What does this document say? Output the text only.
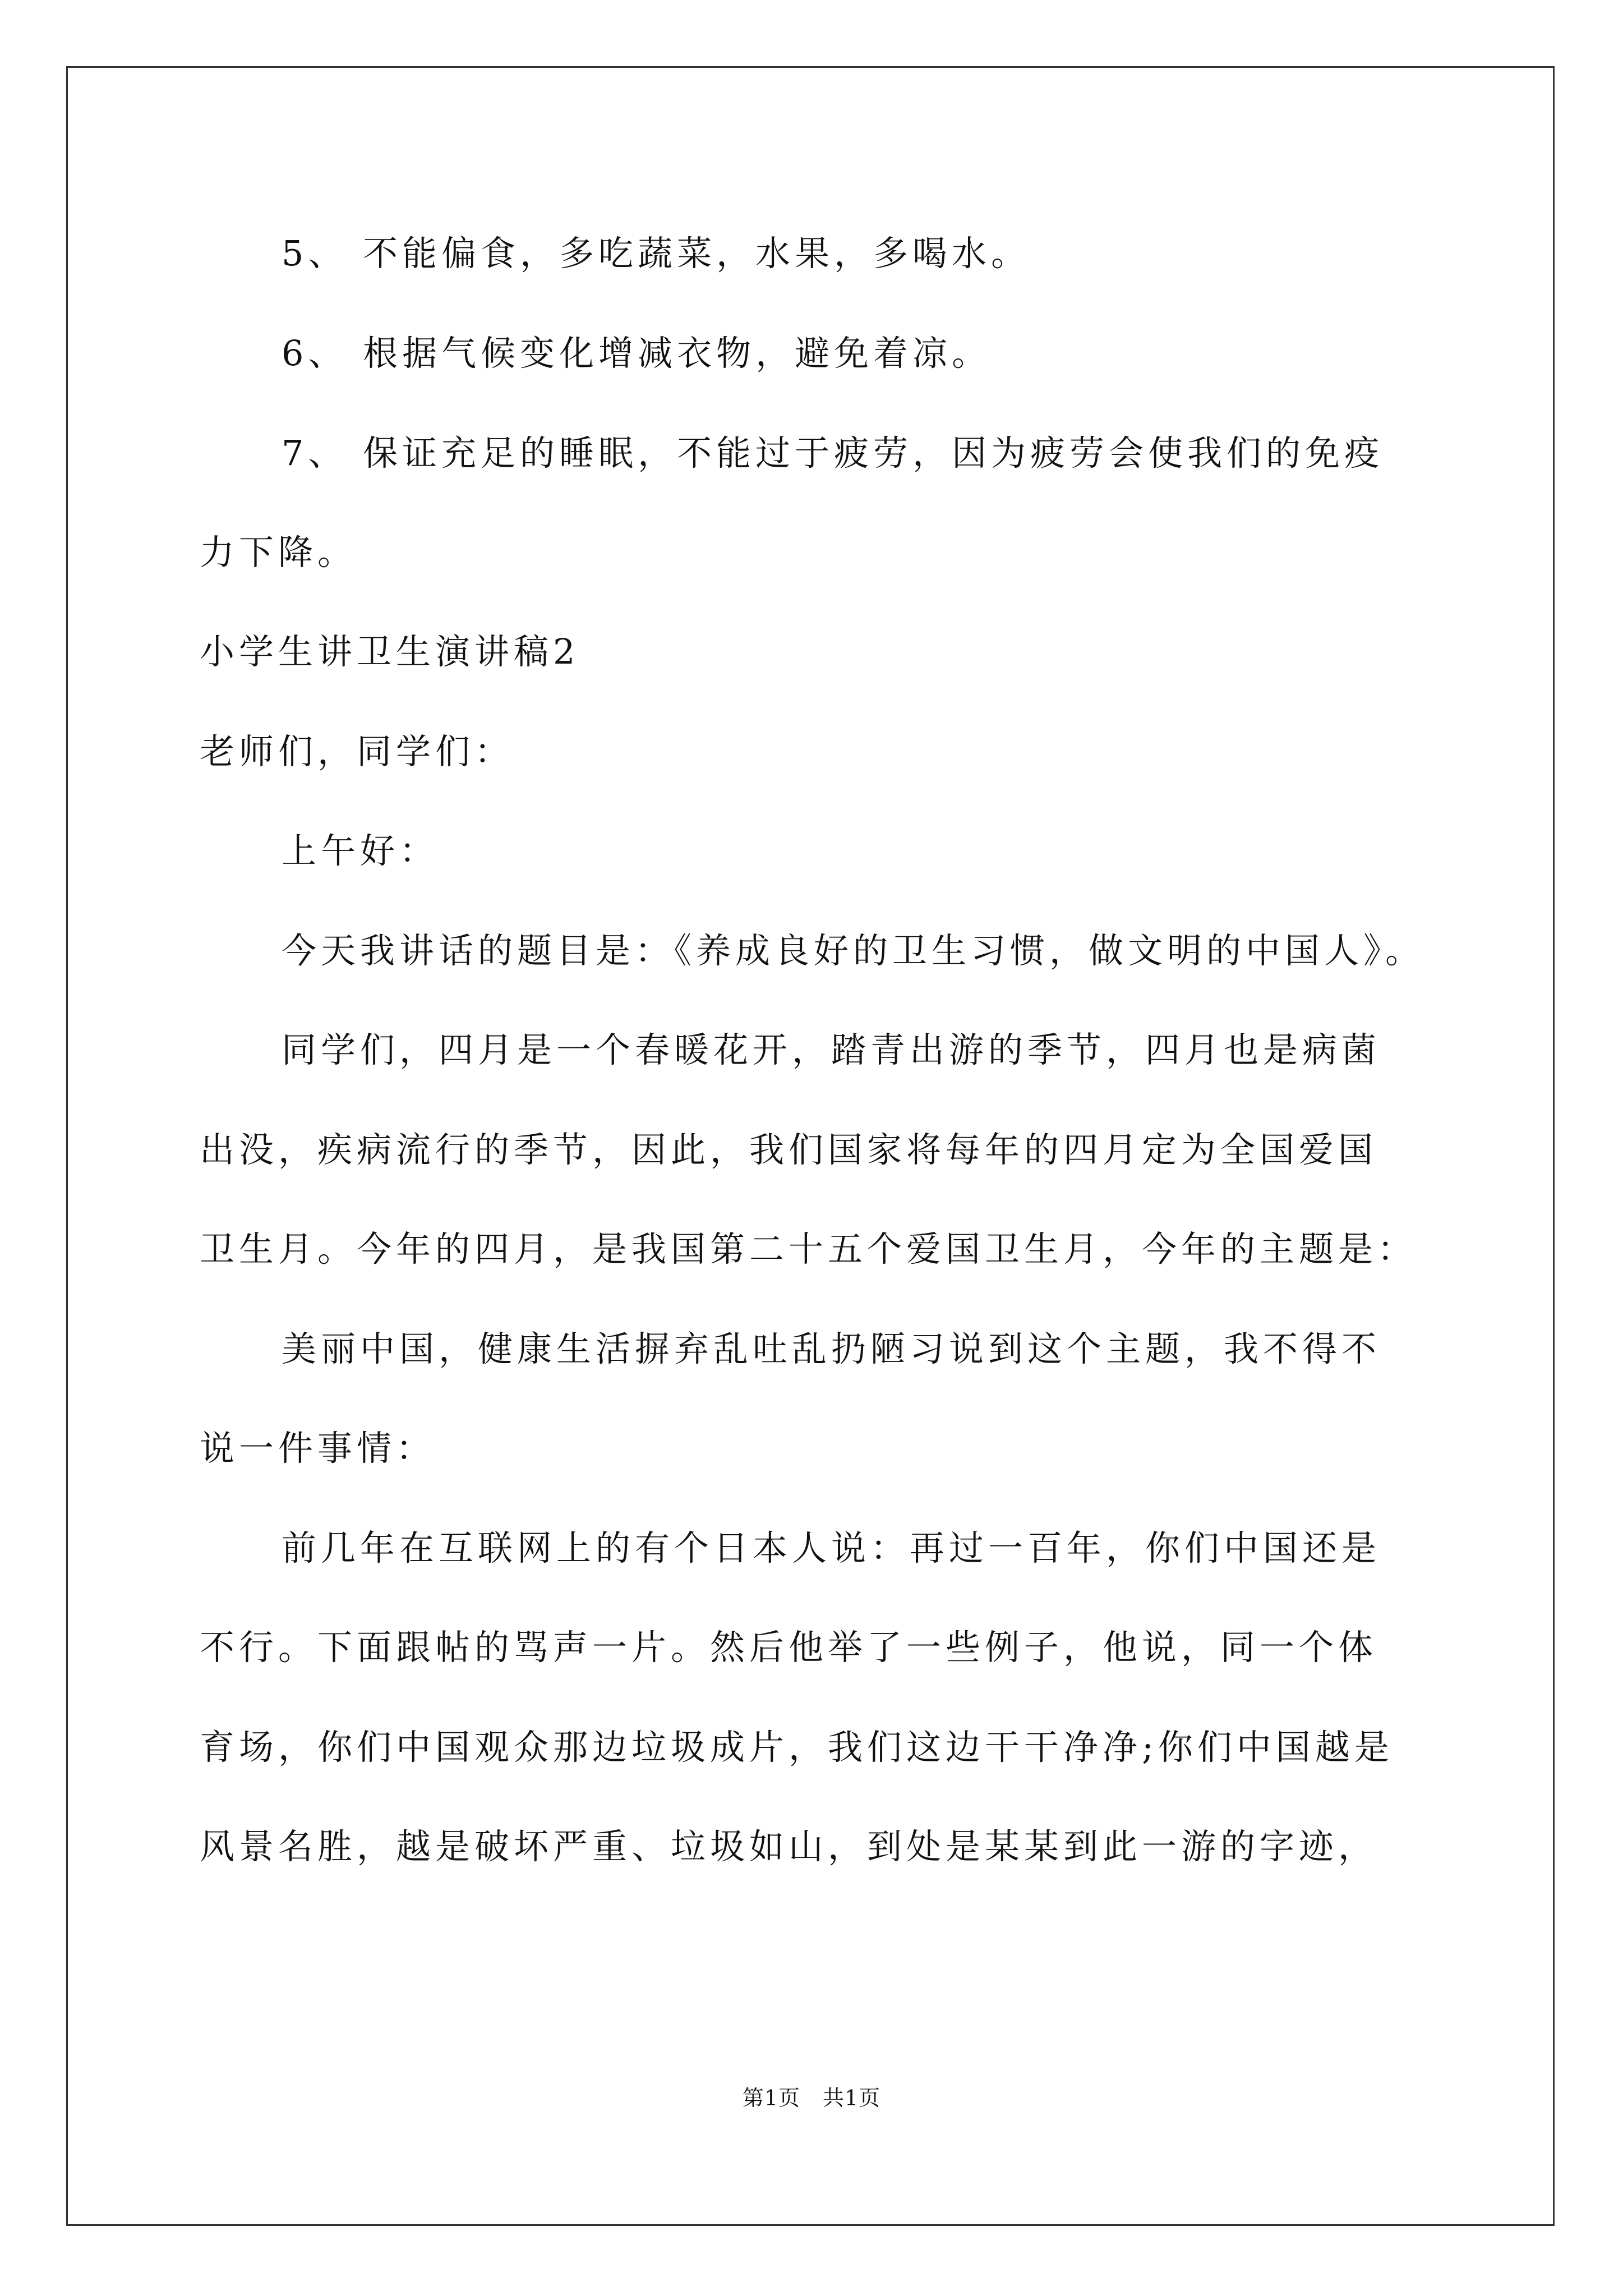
5、 不能偏食，多吃蔬菜，水果，多喝水。
6、 根据气候变化增减衣物，避免着凉。
7、 保证充足的睡眠，不能过于疲劳，因为疲劳会使我们的免疫
力下降。
小学生讲卫生演讲稿2
老师们，同学们：
上午好：
今天我讲话的题目是：《养成良好的卫生习惯，做文明的中国人》。
同学们，四月是一个春暖花开，踏青出游的季节，四月也是病菌
出没，疾病流行的季节，因此，我们国家将每年的四月定为全国爱国
卫生月。今年的四月，是我国第二十五个爱国卫生月，今年的主题是：
美丽中国，健康生活摒弃乱吐乱扔陋习说到这个主题，我不得不
说一件事情：
前几年在互联网上的有个日本人说：再过一百年，你们中国还是
不行。下面跟帖的骂声一片。然后他举了一些例子，他说，同一个体
育场，你们中国观众那边垃圾成片，我们这边干干净净;你们中国越是
风景名胜，越是破坏严重、垃圾如山，到处是某某到此一游的字迹，
第1页 共1页
